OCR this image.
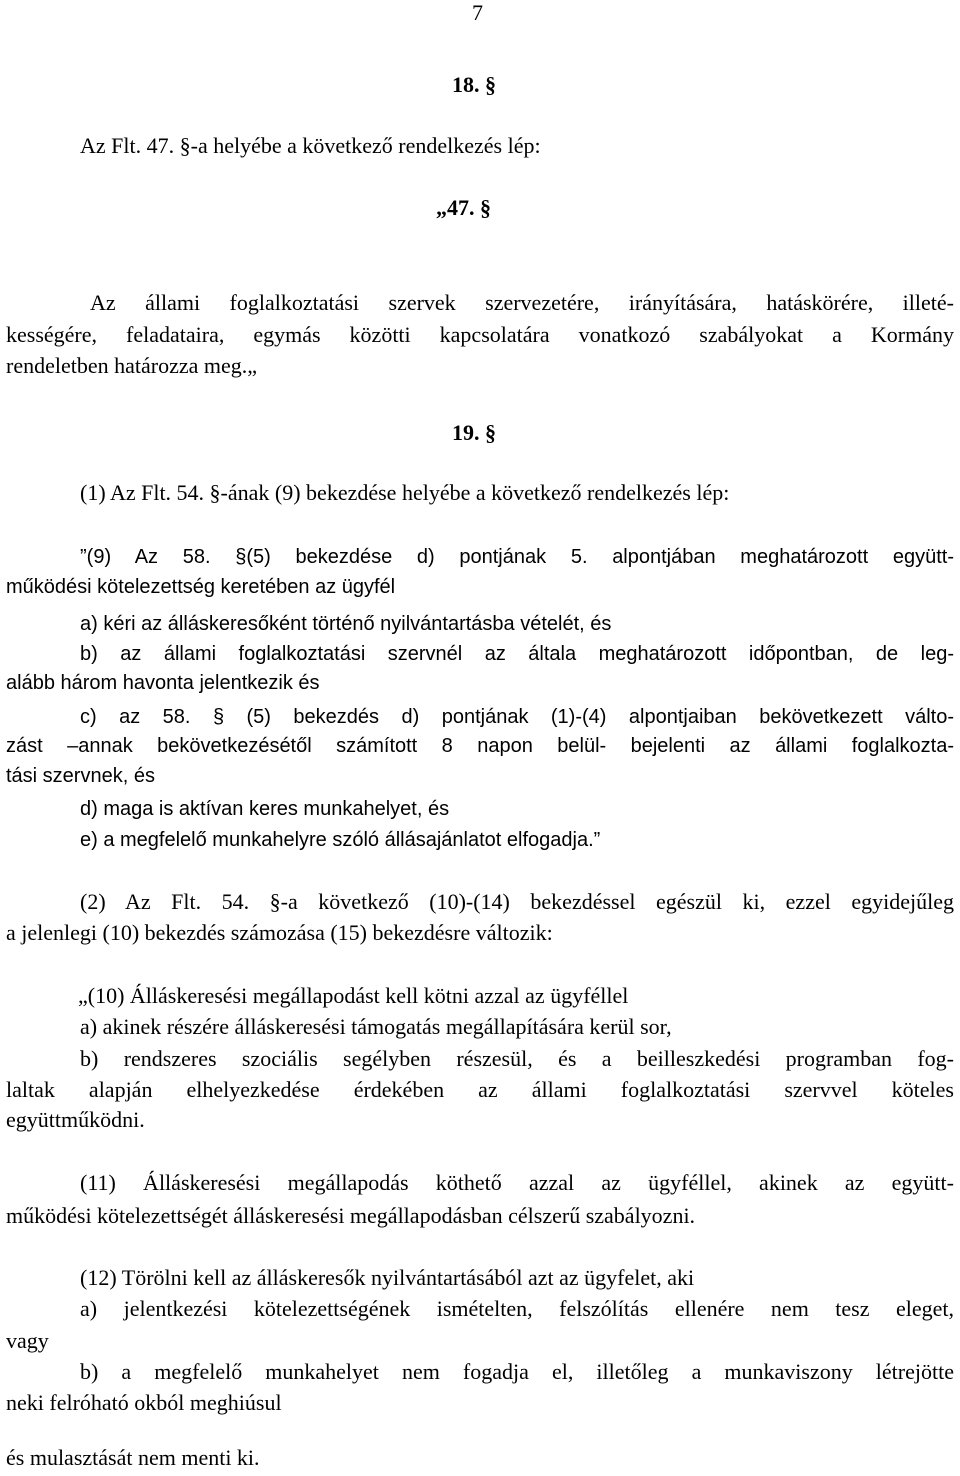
7
18. §
Az Flt. 47. §-a helyébe a következő rendelkezés lép:
„47. §
Az állami foglalkoztatási szervek szervezetére, irányítására, hatáskörére, illeté-
kességére, feladataira, egymás közötti kapcsolatára vonatkozó szabályokat a Kormány
rendeletben határozza meg.„
19. §
(1) Az Flt. 54. §-ának (9) bekezdése helyébe a következő rendelkezés lép:
”(9) Az 58. §(5) bekezdése d) pontjának 5. alpontjában meghatározott együtt-
működési kötelezettség keretében az ügyfél
a) kéri az álláskeresőként történő nyilvántartásba vételét, és
b) az állami foglalkoztatási szervnél az általa meghatározott időpontban, de leg-
alább három havonta jelentkezik és
c) az 58. § (5) bekezdés d) pontjának (1)-(4) alpontjaiban bekövetkezett válto-
zást –annak bekövetkezésétől számított 8 napon belül- bejelenti az állami foglalkozta-
tási szervnek, és
d) maga is aktívan keres munkahelyet, és
e) a megfelelő munkahelyre szóló állásajánlatot elfogadja.”
(2) Az Flt. 54. §-a következő (10)-(14) bekezdéssel egészül ki, ezzel egyidejűleg
a jelenlegi (10) bekezdés számozása (15) bekezdésre változik:
„(10) Álláskeresési megállapodást kell kötni azzal az ügyféllel
a) akinek részére álláskeresési támogatás megállapítására kerül sor,
b) rendszeres szociális segélyben részesül, és a beilleszkedési programban fog-
laltak alapján elhelyezkedése érdekében az állami foglalkoztatási szervvel köteles
együttműködni.
(11) Álláskeresési megállapodás köthető azzal az ügyféllel, akinek az együtt-
működési kötelezettségét álláskeresési megállapodásban célszerű szabályozni.
(12) Törölni kell az álláskeresők nyilvántartásából azt az ügyfelet, aki
a) jelentkezési kötelezettségének ismételten, felszólítás ellenére nem tesz eleget,
vagy
b) a megfelelő munkahelyet nem fogadja el, illetőleg a munkaviszony létrejötte
neki felróható okból meghiúsul
és mulasztását nem menti ki.
